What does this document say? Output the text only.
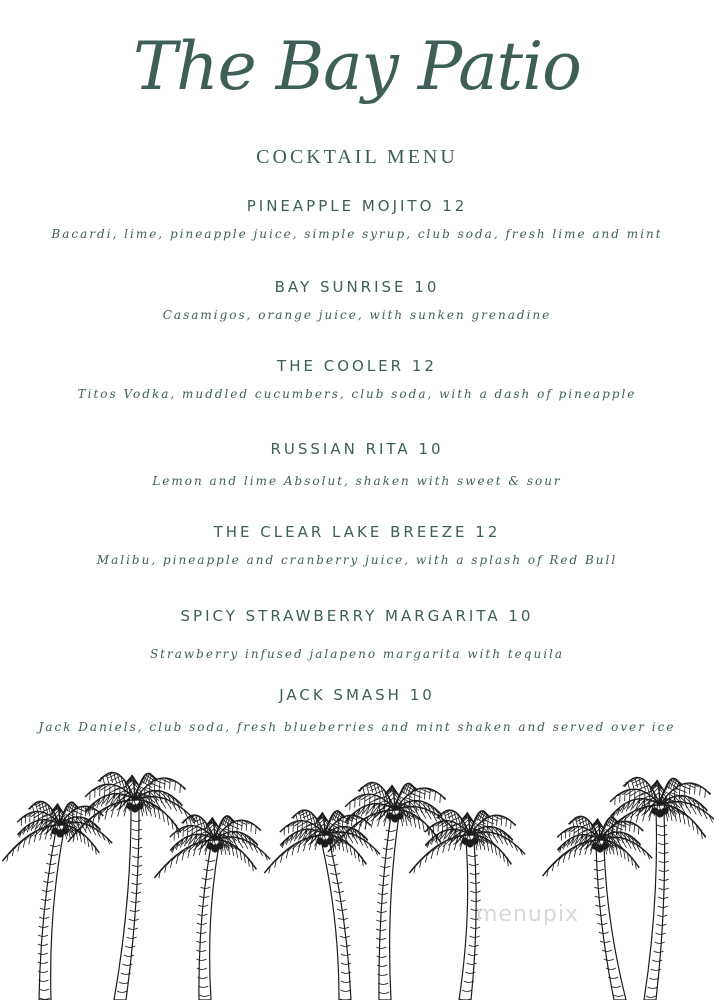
The Bay Patio
COCKTAIL MENU
PINEAPPLE MOJITO 12
Bacardi, lime, pineapple juice, simple syrup, club soda, fresh lime and mint
BAY SUNRISE 10
Casamigos, orange juice, with sunken grenadine
THE COOLER 12
Titos Vodka, muddled cucumbers, club soda, with a dash of pineapple
RUSSIAN RITA 10
Lemon and lime Absolut, shaken with sweet & sour
THE CLEAR LAKE BREEZE 12
Malibu, pineapple and cranberry juice, with a splash of Red Bull
SPICY STRAWBERRY MARGARITA 10
Strawberry infused jalapeno margarita with tequila
JACK SMASH 10
Jack Daniels, club soda, fresh blueberries and mint shaken and served over ice
menupix
